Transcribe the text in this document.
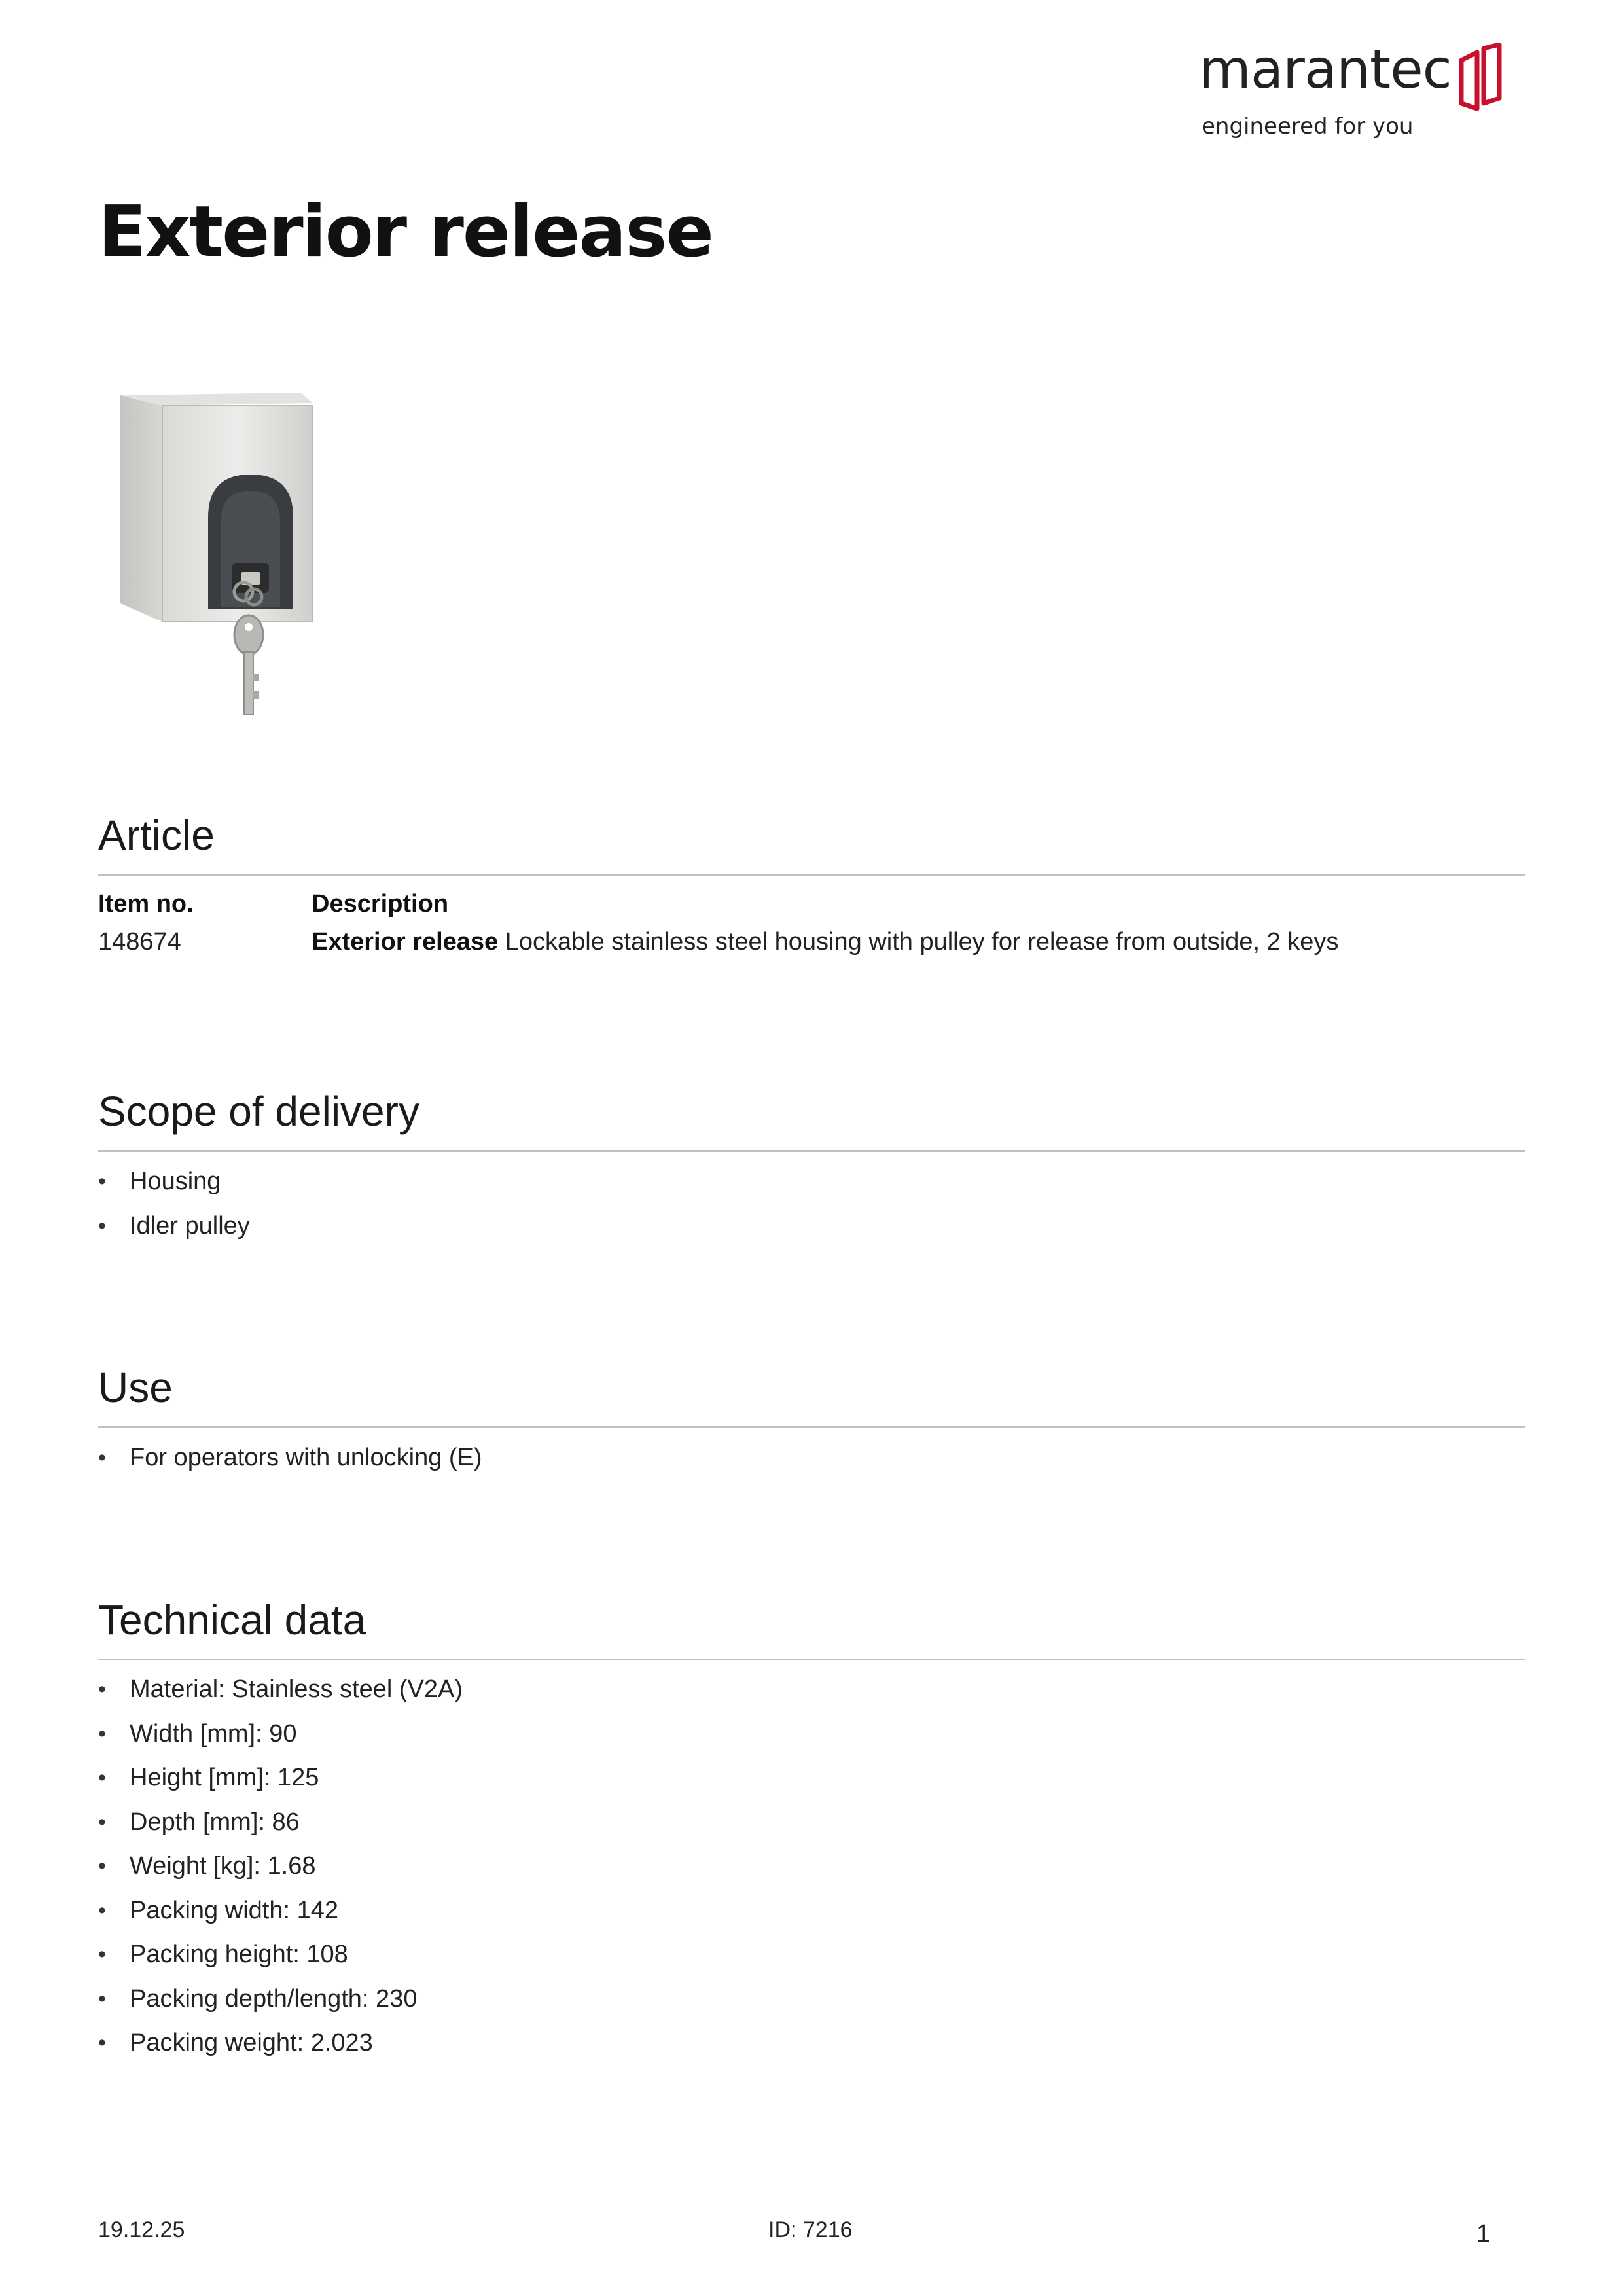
marantec
engineered for you
Exterior release
Article
Item no.	Description
148674	Exterior release Lockable stainless steel housing with pulley for release from outside, 2 keys
Scope of delivery
• Housing
• Idler pulley
Use
• For operators with unlocking (E)
Technical data
• Material: Stainless steel (V2A)
• Width [mm]: 90
• Height [mm]: 125
• Depth [mm]: 86
• Weight [kg]: 1.68
• Packing width: 142
• Packing height: 108
• Packing depth/length: 230
• Packing weight: 2.023
19.12.25	ID: 7216	1
